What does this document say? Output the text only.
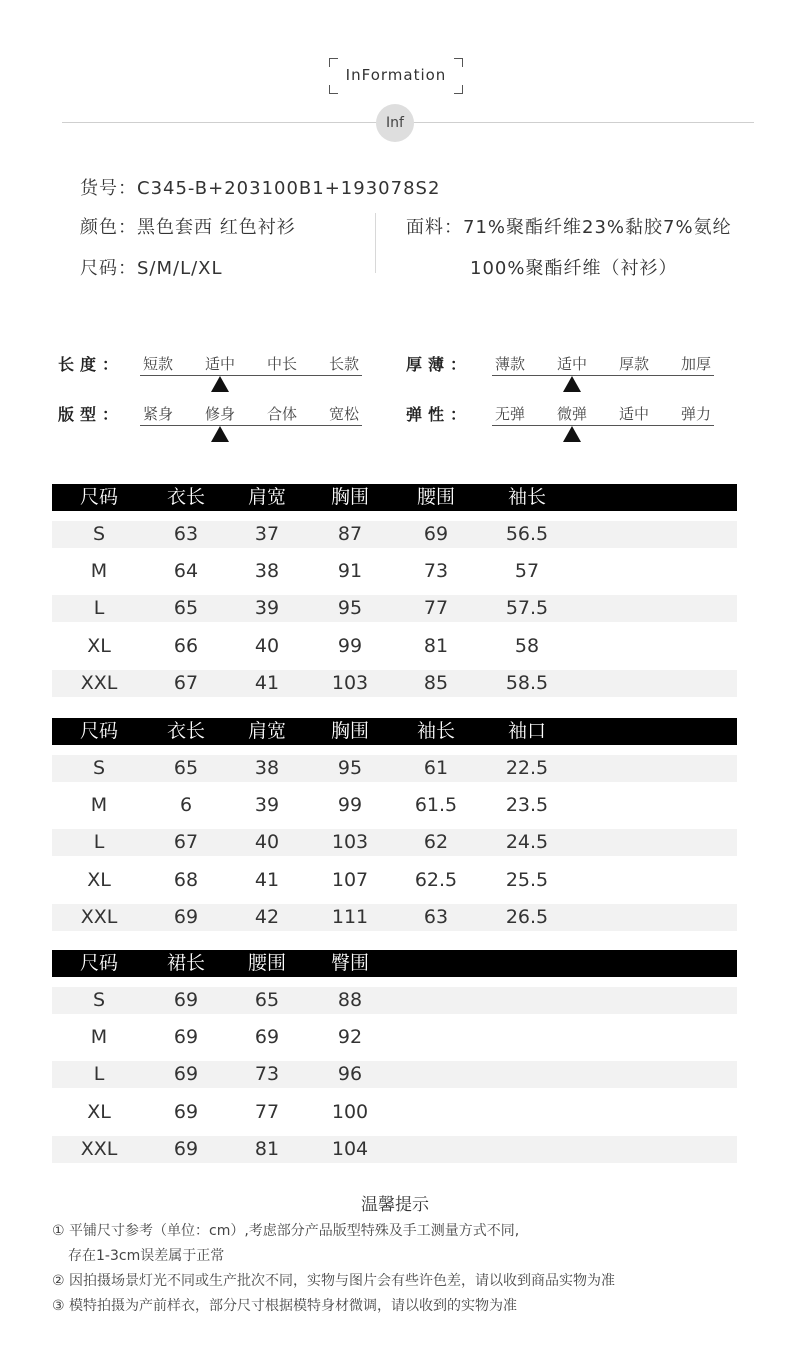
InFormation
Inf
货号：C345-B+203100B1+193078S2
颜色：黑色套西 红色衬衫
尺码：S/M/L/XL
面料：71%聚酯纤维23%黏胶7%氨纶
100%聚酯纤维（衬衫）
长度：	短款	适中	中长	长款	厚薄：	薄款	适中	厚款	加厚
版型：	紧身	修身	合体	宽松	弹性：	无弹	微弹	适中	弹力
尺码	衣长	肩宽	胸围	腰围	袖长
S	63	37	87	69	56.5
M	64	38	91	73	57
L	65	39	95	77	57.5
XL	66	40	99	81	58
XXL	67	41	103	85	58.5
尺码	衣长	肩宽	胸围	袖长	袖口
S	65	38	95	61	22.5
M	6	39	99	61.5	23.5
L	67	40	103	62	24.5
XL	68	41	107	62.5	25.5
XXL	69	42	111	63	26.5
尺码	裙长	腰围	臀围
S	69	65	88
M	69	69	92
L	69	73	96
XL	69	77	100
XXL	69	81	104
温馨提示
① 平铺尺寸参考（单位：cm）,考虑部分产品版型特殊及手工测量方式不同,
存在1-3cm误差属于正常
② 因拍摄场景灯光不同或生产批次不同，实物与图片会有些许色差，请以收到商品实物为准
③ 模特拍摄为产前样衣，部分尺寸根据模特身材微调，请以收到的实物为准
